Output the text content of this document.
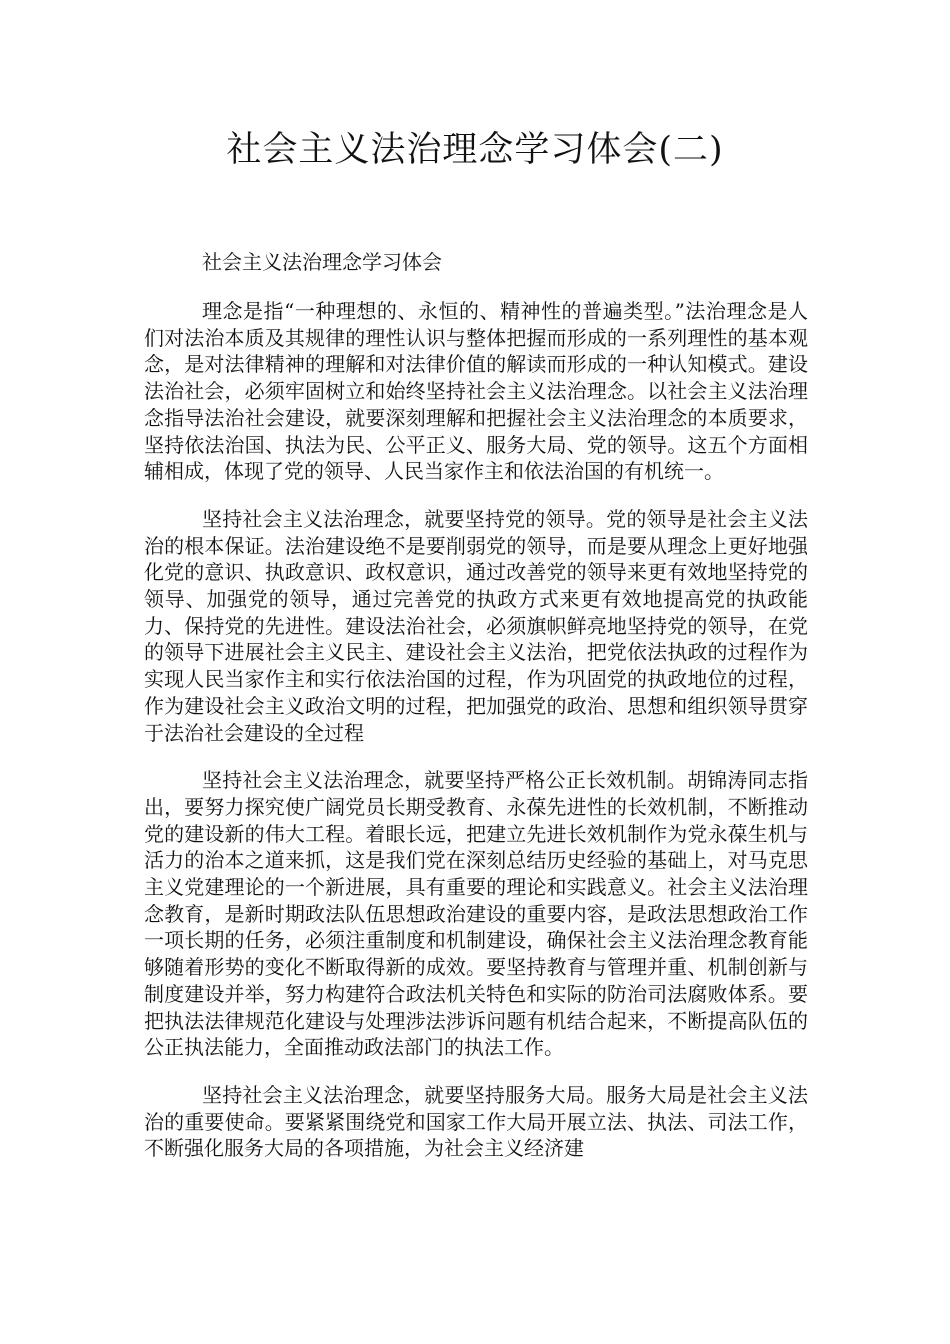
社会主义法治理念学习体会(二)

社会主义法治理念学习体会

理念是指“一种理想的、永恒的、精神性的普遍类型。”法治理念是人们对法治本质及其规律的理性认识与整体把握而形成的一系列理性的基本观念，是对法律精神的理解和对法律价值的解读而形成的一种认知模式。建设法治社会，必须牢固树立和始终坚持社会主义法治理念。以社会主义法治理念指导法治社会建设，就要深刻理解和把握社会主义法治理念的本质要求，坚持依法治国、执法为民、公平正义、服务大局、党的领导。这五个方面相辅相成，体现了党的领导、人民当家作主和依法治国的有机统一。

坚持社会主义法治理念，就要坚持党的领导。党的领导是社会主义法治的根本保证。法治建设绝不是要削弱党的领导，而是要从理念上更好地强化党的意识、执政意识、政权意识，通过改善党的领导来更有效地坚持党的领导、加强党的领导，通过完善党的执政方式来更有效地提高党的执政能力、保持党的先进性。建设法治社会，必须旗帜鲜亮地坚持党的领导，在党的领导下进展社会主义民主、建设社会主义法治，把党依法执政的过程作为实现人民当家作主和实行依法治国的过程，作为巩固党的执政地位的过程，作为建设社会主义政治文明的过程，把加强党的政治、思想和组织领导贯穿于法治社会建设的全过程

坚持社会主义法治理念，就要坚持严格公正长效机制。胡锦涛同志指出，要努力探究使广阔党员长期受教育、永葆先进性的长效机制，不断推动党的建设新的伟大工程。着眼长远，把建立先进长效机制作为党永葆生机与活力的治本之道来抓，这是我们党在深刻总结历史经验的基础上，对马克思主义党建理论的一个新进展，具有重要的理论和实践意义。社会主义法治理念教育，是新时期政法队伍思想政治建设的重要内容，是政法思想政治工作一项长期的任务，必须注重制度和机制建设，确保社会主义法治理念教育能够随着形势的变化不断取得新的成效。要坚持教育与管理并重、机制创新与制度建设并举，努力构建符合政法机关特色和实际的防治司法腐败体系。要把执法法律规范化建设与处理涉法涉诉问题有机结合起来，不断提高队伍的公正执法能力，全面推动政法部门的执法工作。

坚持社会主义法治理念，就要坚持服务大局。服务大局是社会主义法治的重要使命。要紧紧围绕党和国家工作大局开展立法、执法、司法工作，不断强化服务大局的各项措施，为社会主义经济建
